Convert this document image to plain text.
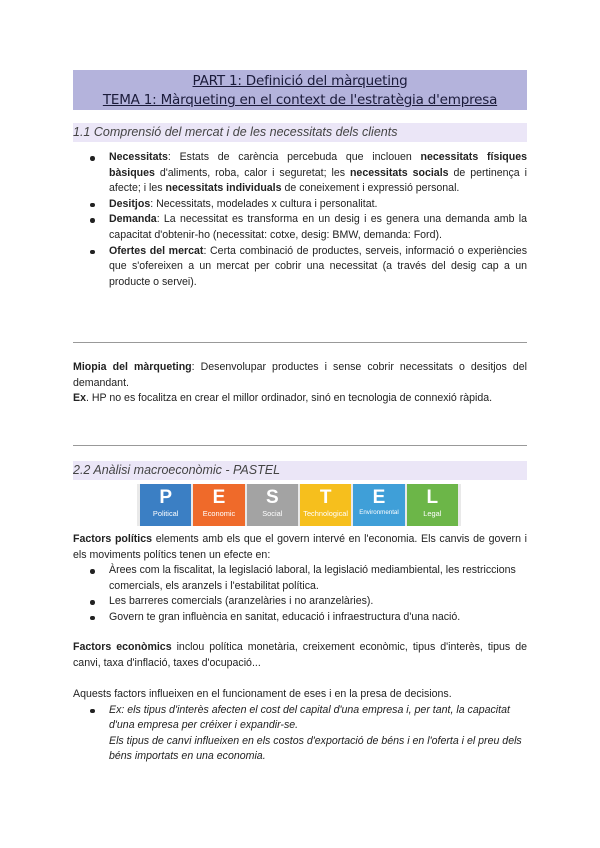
PART 1: Definició del màrqueting
TEMA 1: Màrqueting en el context de l'estratègia d'empresa
1.1 Comprensió del mercat i de les necessitats dels clients
Necessitats: Estats de carència percebuda que inclouen necessitats físiques bàsiques d'aliments, roba, calor i seguretat; les necessitats socials de pertinença i afecte; i les necessitats individuals de coneixement i expressió personal.
Desitjos: Necessitats, modelades x cultura i personalitat.
Demanda: La necessitat es transforma en un desig i es genera una demanda amb la capacitat d'obtenir-ho (necessitat: cotxe, desig: BMW, demanda: Ford).
Ofertes del mercat: Certa combinació de productes, serveis, informació o experiències que s'ofereixen a un mercat per cobrir una necessitat (a través del desig cap a un producte o servei).
Miopia del màrqueting: Desenvolupar productes i sense cobrir necessitats o desitjos del demandant.
Ex. HP no es focalitza en crear el millor ordinador, sinó en tecnologia de connexió ràpida.
2.2 Anàlisi macroeconòmic - PASTEL
P
Political
E
Economic
S
Social
T
Technological
E
Environmental
L
Legal
Factors polítics elements amb els que el govern intervé en l'economia. Els canvis de govern i els moviments polítics tenen un efecte en:
Àrees com la fiscalitat, la legislació laboral, la legislació mediambiental, les restriccions comercials, els aranzels i l'estabilitat política.
Les barreres comercials (aranzelàries i no aranzelàries).
Govern te gran influència en sanitat, educació i infraestructura d'una nació.
Factors econòmics inclou política monetària, creixement econòmic, tipus d'interès, tipus de canvi, taxa d'inflació, taxes d'ocupació...
Aquests factors influeixen en el funcionament de eses i en la presa de decisions.
Ex: els tipus d'interès afecten el cost del capital d'una empresa i, per tant, la capacitat d'una empresa per créixer i expandir-se.
Els tipus de canvi influeixen en els costos d'exportació de béns i en l'oferta i el preu dels béns importats en una economia.
